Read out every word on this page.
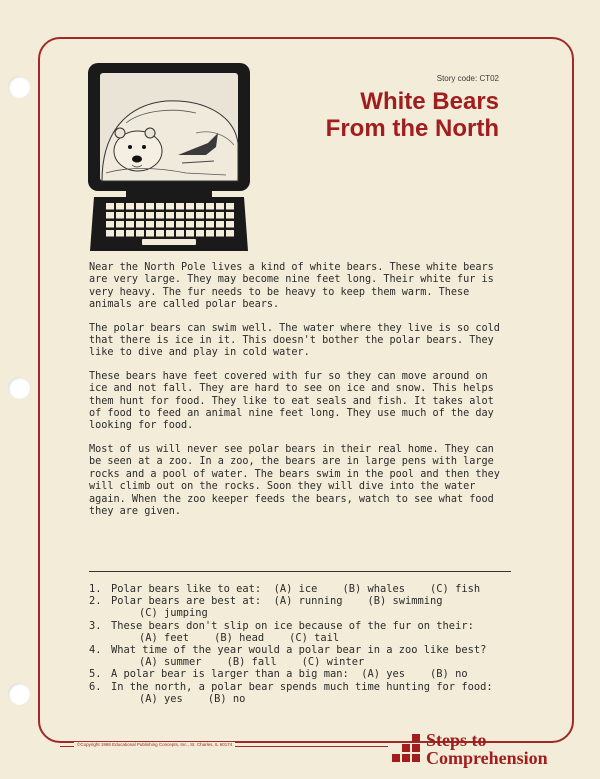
Story code: CT02
White Bears
From the North

Near the North Pole lives a kind of white bears. These white bears are very large. They may become nine feet long. Their white fur is very heavy. The fur needs to be heavy to keep them warm. These animals are called polar bears.

The polar bears can swim well. The water where they live is so cold that there is ice in it. This doesn't bother the polar bears. They like to dive and play in cold water.

These bears have feet covered with fur so they can move around on ice and not fall. They are hard to see on ice and snow. This helps them hunt for food. They like to eat seals and fish. It takes alot of food to feed an animal nine feet long. They use much of the day looking for food.

Most of us will never see polar bears in their real home. They can be seen at a zoo. In a zoo, the bears are in large pens with large rocks and a pool of water. The bears swim in the pool and then they will climb out on the rocks. Soon they will dive into the water again. When the zoo keeper feeds the bears, watch to see what food they are given.

1. Polar bears like to eat:  (A) ice    (B) whales    (C) fish
2. Polar bears are best at:  (A) running    (B) swimming
(C) jumping
3. These bears don't slip on ice because of the fur on their:
(A) feet    (B) head    (C) tail
4. What time of the year would a polar bear in a zoo like best?
(A) summer    (B) fall    (C) winter
5. A polar bear is larger than a big man:  (A) yes    (B) no
6. In the north, a polar bear spends much time hunting for food:
(A) yes    (B) no
©Copyright 1986 Educational Publishing Concepts, Inc., St. Charles, IL 60174	Steps to
Comprehension
